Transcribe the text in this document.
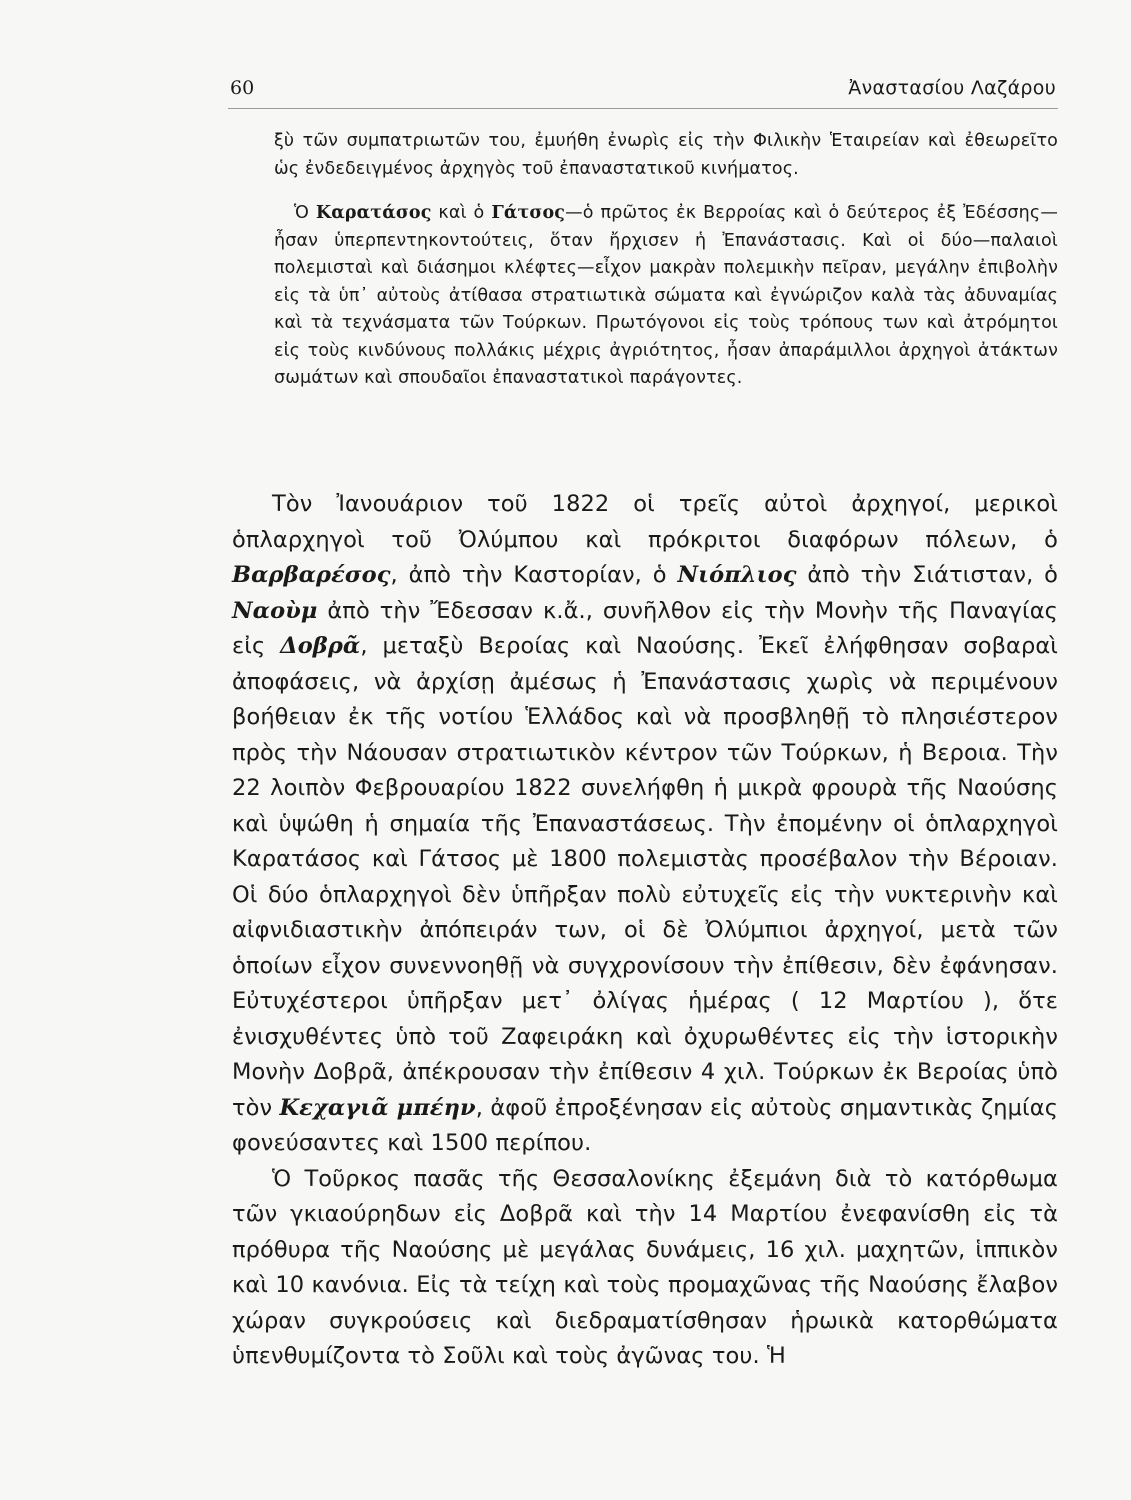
60	Ἀναστασίου Λαζάρου

ξὺ τῶν συμπατριωτῶν του, ἐμυήθη ἐνωρὶς εἰς τὴν Φιλικὴν Ἑταιρείαν καὶ ἐθεωρεῖτο ὡς ἐνδεδειγμένος ἀρχηγὸς τοῦ ἐπαναστατικοῦ κινήματος.

Ὁ Καρατάσος καὶ ὁ Γάτσος—ὁ πρῶτος ἐκ Βερροίας καὶ ὁ δεύτερος ἐξ Ἐδέσσης—ἦσαν ὑπερπεντηκοντούτεις, ὅταν ἤρχισεν ἡ Ἐπανάστασις. Καὶ οἱ δύο—παλαιοὶ πολεμισταὶ καὶ διάσημοι κλέφτες—εἶχον μακρὰν πολεμικὴν πεῖραν, μεγάλην ἐπιβολὴν εἰς τὰ ὑπ᾽ αὐτοὺς ἀτίθασα στρατιωτικὰ σώματα καὶ ἐγνώριζον καλὰ τὰς ἀδυναμίας καὶ τὰ τεχνάσματα τῶν Τούρκων. Πρωτόγονοι εἰς τοὺς τρόπους των καὶ ἀτρόμητοι εἰς τοὺς κινδύνους πολλάκις μέχρις ἀγριότητος, ἦσαν ἀπαράμιλλοι ἀρχηγοὶ ἀτάκτων σωμάτων καὶ σπουδαῖοι ἐπαναστατικοὶ παράγοντες.

Τὸν Ἰανουάριον τοῦ 1822 οἱ τρεῖς αὐτοὶ ἀρχηγοί, μερικοὶ ὁπλαρχηγοὶ τοῦ Ὀλύμπου καὶ πρόκριτοι διαφόρων πόλεων, ὁ Βαρβαρέσος, ἀπὸ τὴν Καστορίαν, ὁ Νιόπλιος ἀπὸ τὴν Σιάτισταν, ὁ Ναοὺμ ἀπὸ τὴν Ἔδεσσαν κ.ἄ., συνῆλθον εἰς τὴν Μονὴν τῆς Παναγίας εἰς Δοβρᾶ, μεταξὺ Βεροίας καὶ Ναούσης. Ἐκεῖ ἐλήφθησαν σοβαραὶ ἀποφάσεις, νὰ ἀρχίσῃ ἀμέσως ἡ Ἐπανάστασις χωρὶς νὰ περιμένουν βοήθειαν ἐκ τῆς νοτίου Ἑλλάδος καὶ νὰ προσβληθῇ τὸ πλησιέστερον πρὸς τὴν Νάουσαν στρατιωτικὸν κέντρον τῶν Τούρκων, ἡ Βεροια. Τὴν 22 λοιπὸν Φεβρουαρίου 1822 συνελήφθη ἡ μικρὰ φρουρὰ τῆς Ναούσης καὶ ὑψώθη ἡ σημαία τῆς Ἐπαναστάσεως. Τὴν ἐπομένην οἱ ὁπλαρχηγοὶ Καρατάσος καὶ Γάτσος μὲ 1800 πολεμιστὰς προσέβαλον τὴν Βέροιαν. Οἱ δύο ὁπλαρχηγοὶ δὲν ὑπῆρξαν πολὺ εὐτυχεῖς εἰς τὴν νυκτερινὴν καὶ αἰφνιδιαστικὴν ἀπόπειράν των, οἱ δὲ Ὀλύμπιοι ἀρχηγοί, μετὰ τῶν ὁποίων εἶχον συνεννοηθῇ νὰ συγχρονίσουν τὴν ἐπίθεσιν, δὲν ἐφάνησαν. Εὐτυχέστεροι ὑπῆρξαν μετ᾽ ὀλίγας ἡμέρας ( 12 Μαρτίου ), ὅτε ἐνισχυθέντες ὑπὸ τοῦ Ζαφειράκη καὶ ὀχυρωθέντες εἰς τὴν ἱστορικὴν Μονὴν Δοβρᾶ, ἀπέκρουσαν τὴν ἐπίθεσιν 4 χιλ. Τούρκων ἐκ Βεροίας ὑπὸ τὸν Κεχαγιᾶ μπέην, ἀφοῦ ἐπροξένησαν εἰς αὐτοὺς σημαντικὰς ζημίας φονεύσαντες καὶ 1500 περίπου.

Ὁ Τοῦρκος πασᾶς τῆς Θεσσαλονίκης ἐξεμάνη διὰ τὸ κατόρθωμα τῶν γκιαούρηδων εἰς Δοβρᾶ καὶ τὴν 14 Μαρτίου ἐνεφανίσθη εἰς τὰ πρόθυρα τῆς Ναούσης μὲ μεγάλας δυνάμεις, 16 χιλ. μαχητῶν, ἱππικὸν καὶ 10 κανόνια. Εἰς τὰ τείχη καὶ τοὺς προμαχῶνας τῆς Ναούσης ἔλαβον χώραν συγκρούσεις καὶ διεδραματίσθησαν ἡρωικὰ κατορθώματα ὑπενθυμίζοντα τὸ Σοῦλι καὶ τοὺς ἀγῶνας του. Ἡ
